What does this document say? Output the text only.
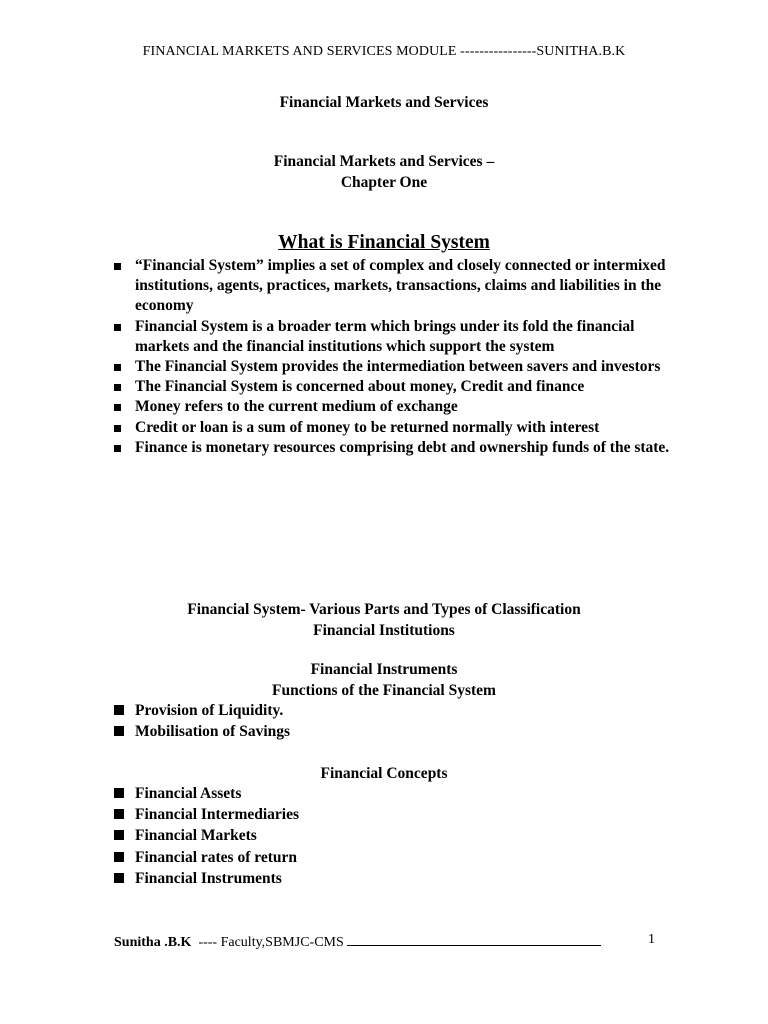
FINANCIAL MARKETS AND SERVICES MODULE ----------------SUNITHA.B.K
Financial Markets and Services
Financial Markets and Services –
Chapter One
What is Financial System
“Financial System” implies a set of complex and closely connected or intermixed institutions, agents, practices, markets, transactions, claims and liabilities in the economy
Financial System is a broader term which brings under its fold the financial markets and the financial institutions which support the system
The Financial System provides the intermediation between savers and investors
The Financial System is concerned about money, Credit and finance
Money refers to the current medium of exchange
Credit or loan is a sum of money to be returned normally with interest
Finance is monetary resources comprising debt and ownership funds of the state.
Financial System- Various Parts and Types of Classification
Financial Institutions
Financial Instruments
Functions of the Financial System
Provision of Liquidity.
Mobilisation of Savings
Financial Concepts
Financial Assets
Financial Intermediaries
Financial Markets
Financial rates of return
Financial Instruments
Sunitha .B.K ---- Faculty,SBMJC-CMS	1
